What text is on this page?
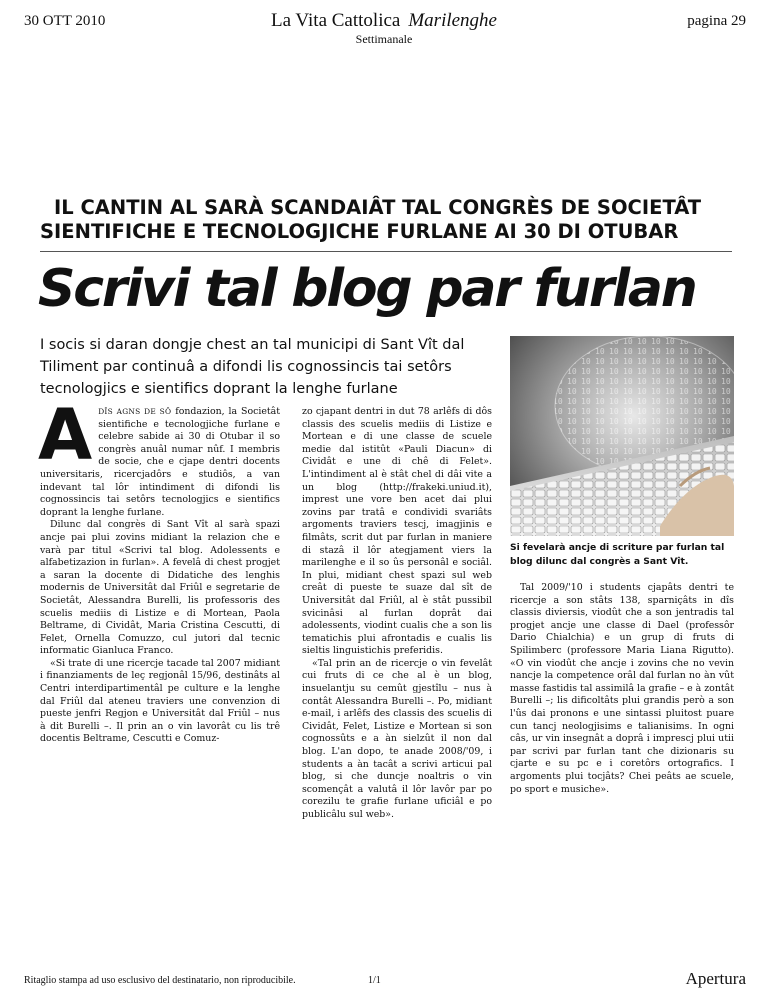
30 OTT 2010	La Vita Cattolica Marilenghe
Settimanale
pagina 29
IL CANTIN AL SARÀ SCANDAIÂT TAL CONGRÈS DE SOCIETÂT
SIENTIFICHE E TECNOLOGJICHE FURLANE AI 30 DI OTUBAR
Scrivi tal blog par furlan
I socis si daran dongje chest an tal municipi di Sant Vît dal Tiliment par continuâ a difondi lis cognossincis tai setôrs tecnologjics e sientifics doprant la lenghe furlane
Si fevelarà ancje di scriture par furlan tal blog dilunc dal congrès a Sant Vît.

ADÎS AGNS DE SÔ fondazion, la Societât sientifiche e tecnologjiche furlane e celebre sabide ai 30 di Otubar il so congrès anuâl numar nûf. I membris de socie, che e cjape dentri docents universitaris, ricercjadôrs e studiôs, a van indevant tal lôr intindiment di difondi lis cognossincis tai setôrs tecnologjics e sientifics doprant la lenghe furlane.

Dilunc dal congrès di Sant Vît al sarà spazi ancje pai plui zovins midiant la relazion che e varà par titul «Scrivi tal blog. Adolessents e alfabetizazion in furlan». A fevelâ di chest progjet a saran la docente di Didatiche des lenghis modernis de Universitât dal Friûl e segretarie de Societât, Alessandra Burelli, lis professoris des scuelis mediis di Listize e di Mortean, Paola Beltrame, di Cividât, Maria Cristina Cescutti, di Felet, Ornella Comuzzo, cul jutori dal tecnic informatic Gianluca Franco.

«Si trate di une ricercje tacade tal 2007 midiant i finanziaments de leç regjonâl 15/96, destinâts al Centri interdipartimentâl pe culture e la lenghe dal Friûl dal ateneu traviers une convenzion di pueste jenfri Regjon e Universitât dal Friûl – nus à dit Burelli –. Il prin an o vin lavorât cu lis trê docentis Beltrame, Cescutti e Comuz-

zo cjapant dentri in dut 78 arlêfs di dôs classis des scuelis mediis di Listize e Mortean e di une classe de scuele medie dal istitût «Pauli Diacun» di Cividât e une di chê di Felet». L'intindiment al è stât chel di dâi vite a un blog (http://frakeki.uniud.it), imprest une vore ben acet dai plui zovins par tratâ e condividi svariâts argoments traviers tescj, imagjinis e filmâts, scrit dut par furlan in maniere di stazâ il lôr ategjament viers la marilenghe e il so ûs personâl e sociâl. In plui, midiant chest spazi sul web creât di pueste te suaze dal sît de Universitât dal Friûl, al è stât pussibil svicinâsi al furlan doprât dai adolessents, viodint cualis che a son lis tematichis plui afrontadis e cualis lis sieltis linguistichis preferidis.

«Tal prin an de ricercje o vin fevelât cui fruts di ce che al è un blog, insuelantju su cemût gjestîlu – nus à contât Alessandra Burelli –. Po, midiant e-mail, i arlêfs des classis des scuelis di Cividât, Felet, Listize e Mortean si son cognossûts e a àn sielzût il non dal blog. L'an dopo, te anade 2008/'09, i students a àn tacât a scrivi articui pal blog, si che duncje noaltris o vin scomençât a valutâ il lôr lavôr par po corezilu te grafie furlane uficiâl e po publicâlu sul web».

Tal 2009/'10 i students cjapâts dentri te ricercje a son stâts 138, sparniçâts in dîs classis diviersis, viodût che a son jentradis tal progjet ancje une classe di Dael (professôr Dario Chialchia) e un grup di fruts di Spilimberc (professore Maria Liana Rigutto). «O vin viodût che ancje i zovins che no vevin nancje la competence orâl dal furlan no àn vût masse fastidis tal assimilâ la grafie – e à zontât Burelli –; lis dificoltâts plui grandis però a son l'ûs dai pronons e une sintassi pluitost puare cun tancj neologjisims e talianisims. In ogni câs, ur vin insegnât a doprâ i imprescj plui utii par scrivi par furlan tant che dizionaris su cjarte e su pc e i coretôrs ortografics. I argoments plui tocjâts? Chei peâts ae scuele, po sport e musiche».

Ritaglio stampa ad uso esclusivo del destinatario, non riproducibile.	1/1	Apertura
